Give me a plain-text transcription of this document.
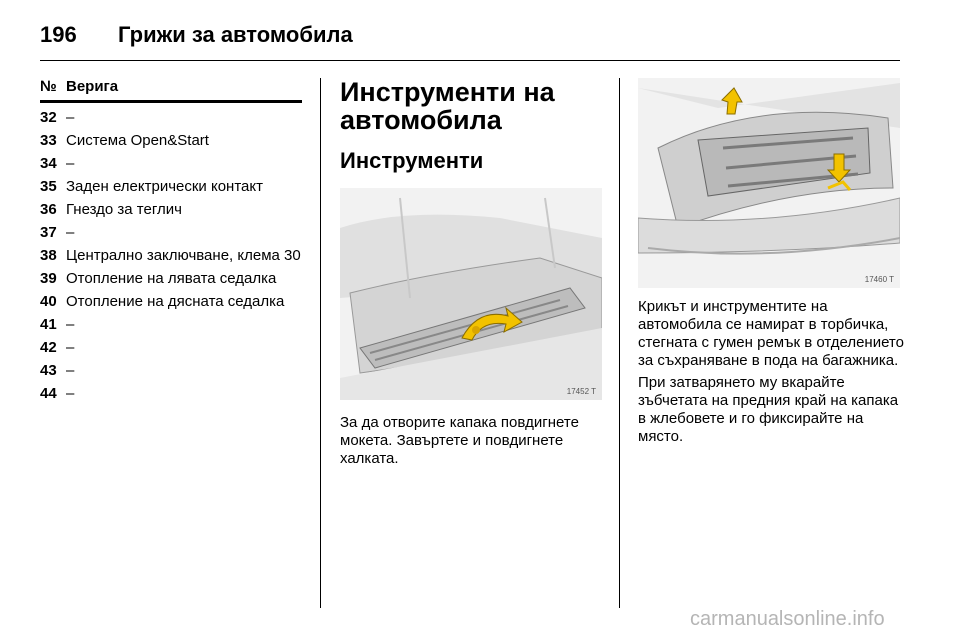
196 Грижи за автомобила
№ Верига
32 –
33 Система Open&Start
34 –
35 Заден електрически контакт
36 Гнездо за теглич
37 –
38 Централно заключване, клема 30
39 Отопление на лявата седалка
40 Отопление на дясната седалка
41 –
42 –
43 –
44 –
Инструменти на автомобила
Инструменти
17452 T

За да отворите капака повдигнете мокета. Завъртете и повдигнете халката.

17460 T

Крикът и инструментите на автомобила се намират в торбичка, стегната с гумен ремък в отделението за съхраняване в пода на багажника.

При затварянето му вкарайте зъбчетата на предния край на капака в жлебовете и го фиксирайте на място.

carmanualsonline.info
